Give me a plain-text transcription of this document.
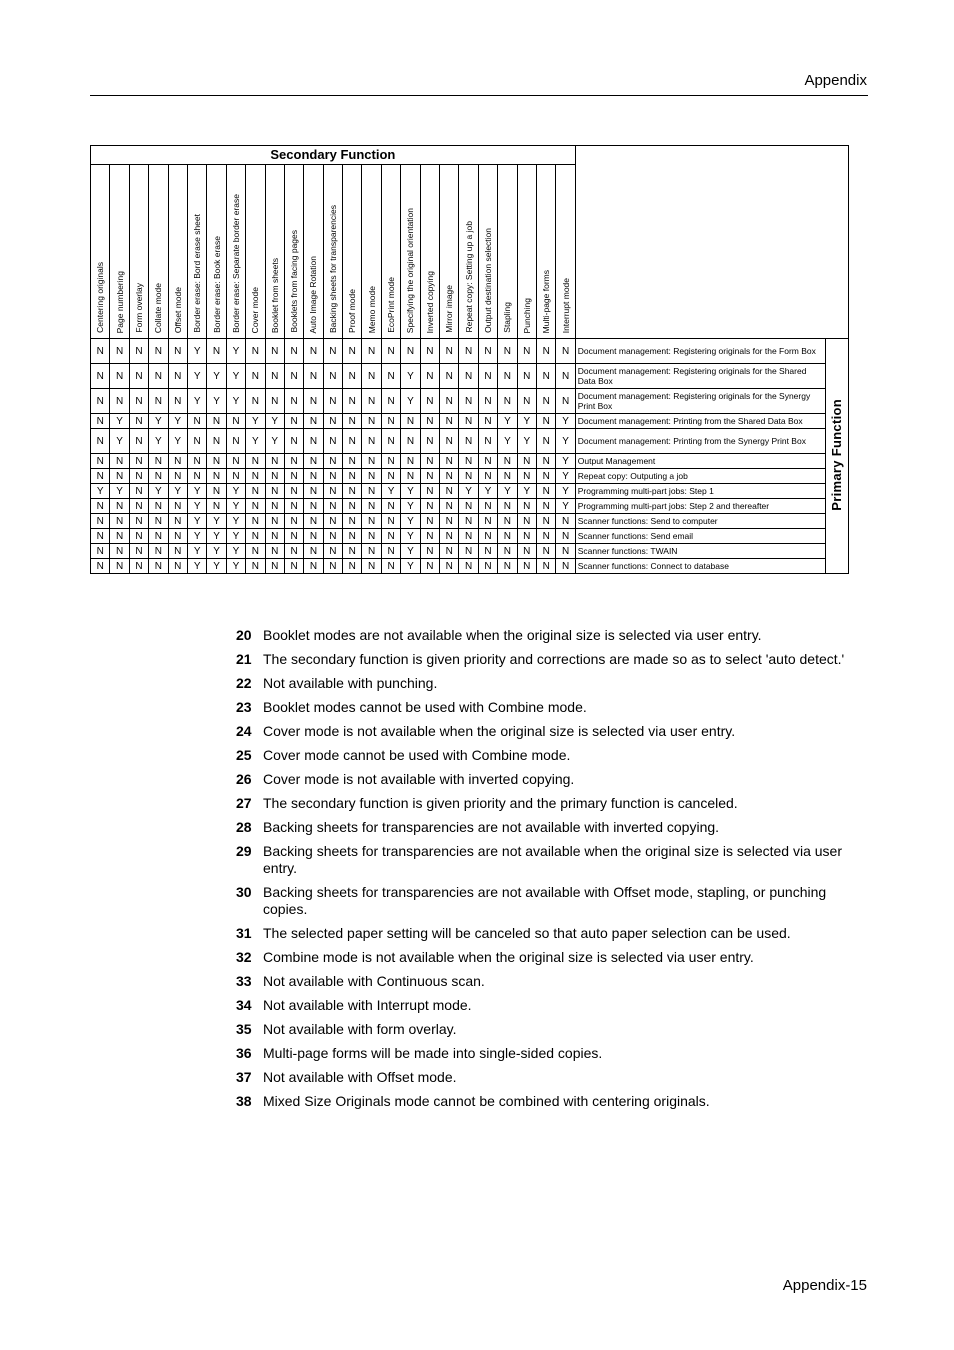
Appendix
Secondary Function																										
Centering originals	Page numbering	Form overlay	Collate mode	Offset mode	Border erase: Bord erase sheet	Border erase: Book erase	Border erase: Separate border erase	Cover mode	Booklet from sheets	Booklets from facing pages	Auto Image Rotation	Backing sheets for transparencies	Proof mode	Memo mode	EcoPrint mode	Specifying the original orientation	Inverted copying	Mirror image	Repeat copy: Setting up a job	Output destination selection	Stapling	Punching	Multi-page forms	Interrupt mode		
N	N	N	N	N	Y	N	Y	N	N	N	N	N	N	N	N	N	N	N	N	N	N	N	N	N	Document management: Registering originals for the Form Box	Primary Function
N	N	N	N	N	Y	Y	Y	N	N	N	N	N	N	N	N	Y	N	N	N	N	N	N	N	N	Document management: Registering originals for the Shared Data Box	
N	N	N	N	N	Y	Y	Y	N	N	N	N	N	N	N	N	Y	N	N	N	N	N	N	N	N	Document management: Registering originals for the Synergy Print Box	
N	Y	N	Y	Y	N	N	N	Y	Y	N	N	N	N	N	N	N	N	N	N	N	Y	Y	N	Y	Document management: Printing from the Shared Data Box	
N	Y	N	Y	Y	N	N	N	Y	Y	N	N	N	N	N	N	N	N	N	N	N	Y	Y	N	Y	Document management: Printing from the Synergy Print Box	
N	N	N	N	N	N	N	N	N	N	N	N	N	N	N	N	N	N	N	N	N	N	N	N	Y	Output Management	
N	N	N	N	N	N	N	N	N	N	N	N	N	N	N	N	N	N	N	N	N	N	N	N	Y	Repeat copy: Outputing a job	
Y	Y	N	Y	Y	Y	N	Y	N	N	N	N	N	N	N	Y	Y	N	N	Y	Y	Y	Y	N	Y	Programming multi-part jobs: Step 1	
N	N	N	N	N	Y	N	Y	N	N	N	N	N	N	N	N	Y	N	N	N	N	N	N	N	Y	Programming multi-part jobs: Step 2 and thereafter	
N	N	N	N	N	Y	Y	Y	N	N	N	N	N	N	N	N	Y	N	N	N	N	N	N	N	N	Scanner functions: Send to computer	
N	N	N	N	N	Y	Y	Y	N	N	N	N	N	N	N	N	Y	N	N	N	N	N	N	N	N	Scanner functions: Send email	
N	N	N	N	N	Y	Y	Y	N	N	N	N	N	N	N	N	Y	N	N	N	N	N	N	N	N	Scanner functions: TWAIN	
N	N	N	N	N	Y	Y	Y	N	N	N	N	N	N	N	N	Y	N	N	N	N	N	N	N	N	Scanner functions: Connect to database	
20 Booklet modes are not available when the original size is selected via user entry.
21 The secondary function is given priority and corrections are made so as to select 'auto detect.'
22 Not available with punching.
23 Booklet modes cannot be used with Combine mode.
24 Cover mode is not available when the original size is selected via user entry.
25 Cover mode cannot be used with Combine mode.
26 Cover mode is not available with inverted copying.
27 The secondary function is given priority and the primary function is canceled.
28 Backing sheets for transparencies are not available with inverted copying.
29 Backing sheets for transparencies are not available when the original size is selected via user entry.
30 Backing sheets for transparencies are not available with Offset mode, stapling, or punching copies.
31 The selected paper setting will be canceled so that auto paper selection can be used.
32 Combine mode is not available when the original size is selected via user entry.
33 Not available with Continuous scan.
34 Not available with Interrupt mode.
35 Not available with form overlay.
36 Multi-page forms will be made into single-sided copies.
37 Not available with Offset mode.
38 Mixed Size Originals mode cannot be combined with centering originals.
Appendix-15
